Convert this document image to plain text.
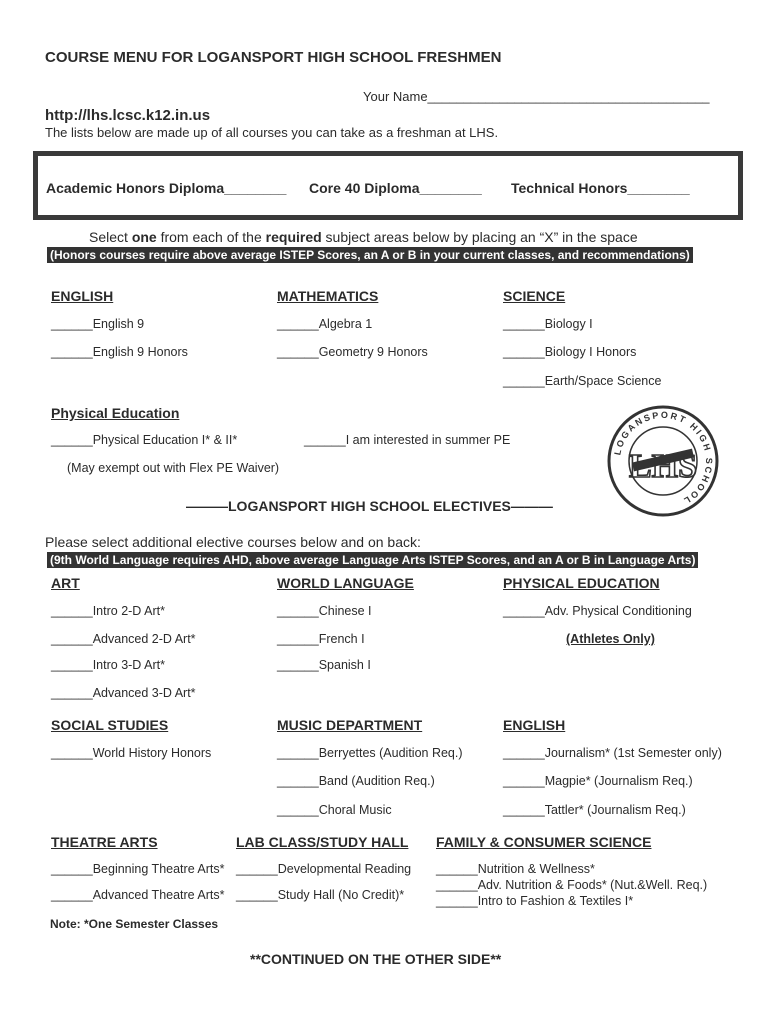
COURSE MENU FOR LOGANSPORT HIGH SCHOOL FRESHMEN
Your Name_______________________________________
http://lhs.lcsc.k12.in.us
The lists below are made up of all courses you can take as a freshman at LHS.
Academic Honors Diploma________ Core 40 Diploma________ Technical Honors________
Select one from each of the required subject areas below by placing an “X” in the space
(Honors courses require above average ISTEP Scores, an A or B in your current classes, and recommendations)
ENGLISH
______English 9
______English 9 Honors
MATHEMATICS
______Algebra 1
______Geometry 9 Honors
SCIENCE
______Biology I
______Biology I Honors
______Earth/Space Science
Physical Education
______Physical Education I* & II*	______I am interested in summer PE
(May exempt out with Flex PE Waiver)
LOGANSPORT HIGH SCHOOL
LHS
———LOGANSPORT HIGH SCHOOL ELECTIVES———
Please select additional elective courses below and on back:
(9th World Language requires AHD, above average Language Arts ISTEP Scores, and an A or B in Language Arts)
ART
______Intro 2-D Art*
______Advanced 2-D Art*
______Intro 3-D Art*
______Advanced 3-D Art*
WORLD LANGUAGE
______Chinese I
______French I
______Spanish I
PHYSICAL EDUCATION
______Adv. Physical Conditioning
(Athletes Only)
SOCIAL STUDIES
______World History Honors
MUSIC DEPARTMENT
______Berryettes (Audition Req.)
______Band (Audition Req.)
______Choral Music
ENGLISH
______Journalism* (1st Semester only)
______Magpie* (Journalism Req.)
______Tattler* (Journalism Req.)
THEATRE ARTS
______Beginning Theatre Arts*
______Advanced Theatre Arts*
LAB CLASS/STUDY HALL
______Developmental Reading
______Study Hall (No Credit)*
FAMILY & CONSUMER SCIENCE
______Nutrition & Wellness*
______Adv. Nutrition & Foods* (Nut.&Well. Req.)
______Intro to Fashion & Textiles I*
Note: *One Semester Classes
**CONTINUED ON THE OTHER SIDE**
